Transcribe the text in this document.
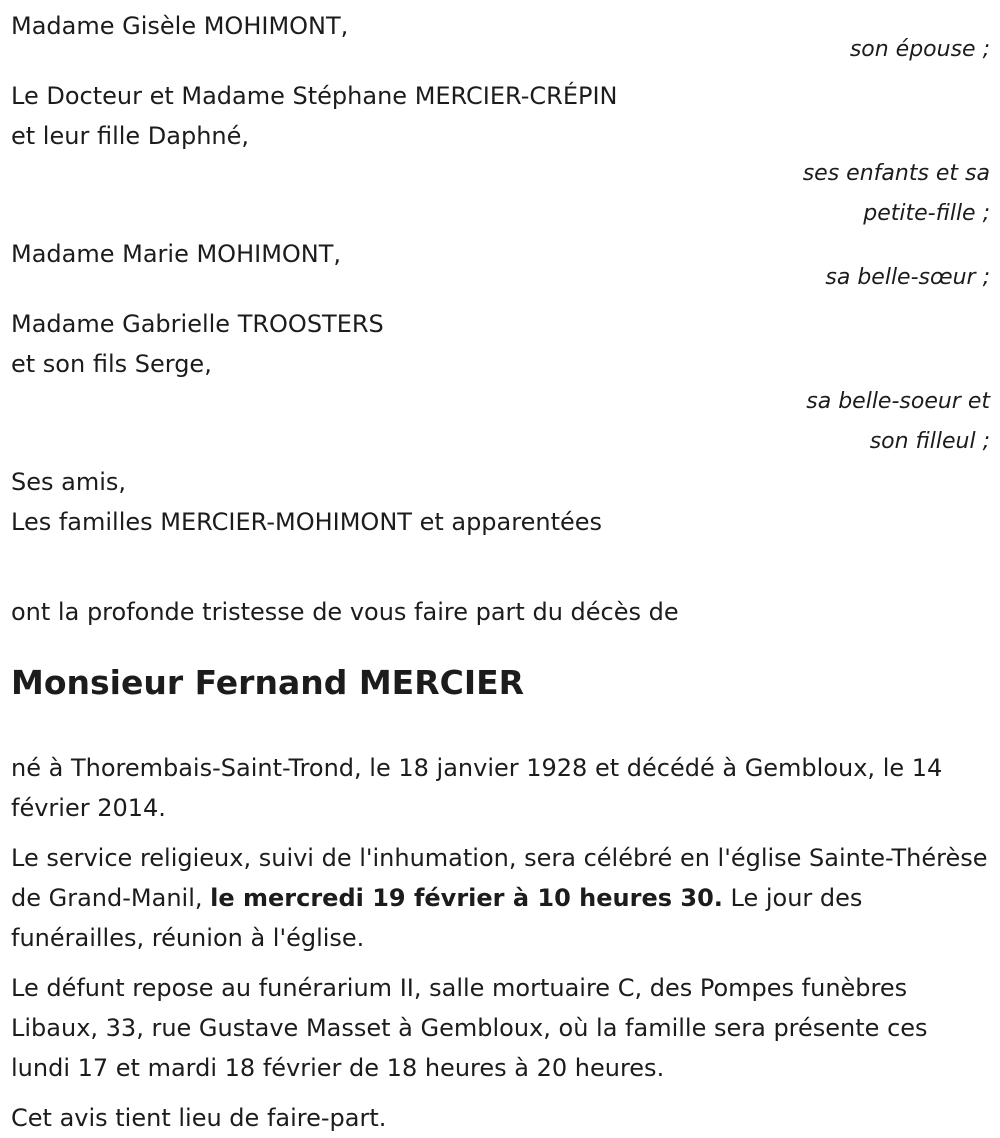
Madame Gisèle MOHIMONT,
son épouse ;
Le Docteur et Madame Stéphane MERCIER-CRÉPIN
et leur fille Daphné,
ses enfants et sa
petite-fille ;
Madame Marie MOHIMONT,
sa belle-sœur ;
Madame Gabrielle TROOSTERS
et son fils Serge,
sa belle-soeur et
son filleul ;
Ses amis,
Les familles MERCIER-MOHIMONT et apparentées
ont la profonde tristesse de vous faire part du décès de
Monsieur Fernand MERCIER
né à Thorembais-Saint-Trond, le 18 janvier 1928 et décédé à Gembloux, le 14 février 2014.
Le service religieux, suivi de l'inhumation, sera célébré en l'église Sainte-Thérèse de Grand-Manil, le mercredi 19 février à 10 heures 30. Le jour des funérailles, réunion à l'église.
Le défunt repose au funérarium II, salle mortuaire C, des Pompes funèbres Libaux, 33, rue Gustave Masset à Gembloux, où la famille sera présente ces lundi 17 et mardi 18 février de 18 heures à 20 heures.
Cet avis tient lieu de faire-part.
